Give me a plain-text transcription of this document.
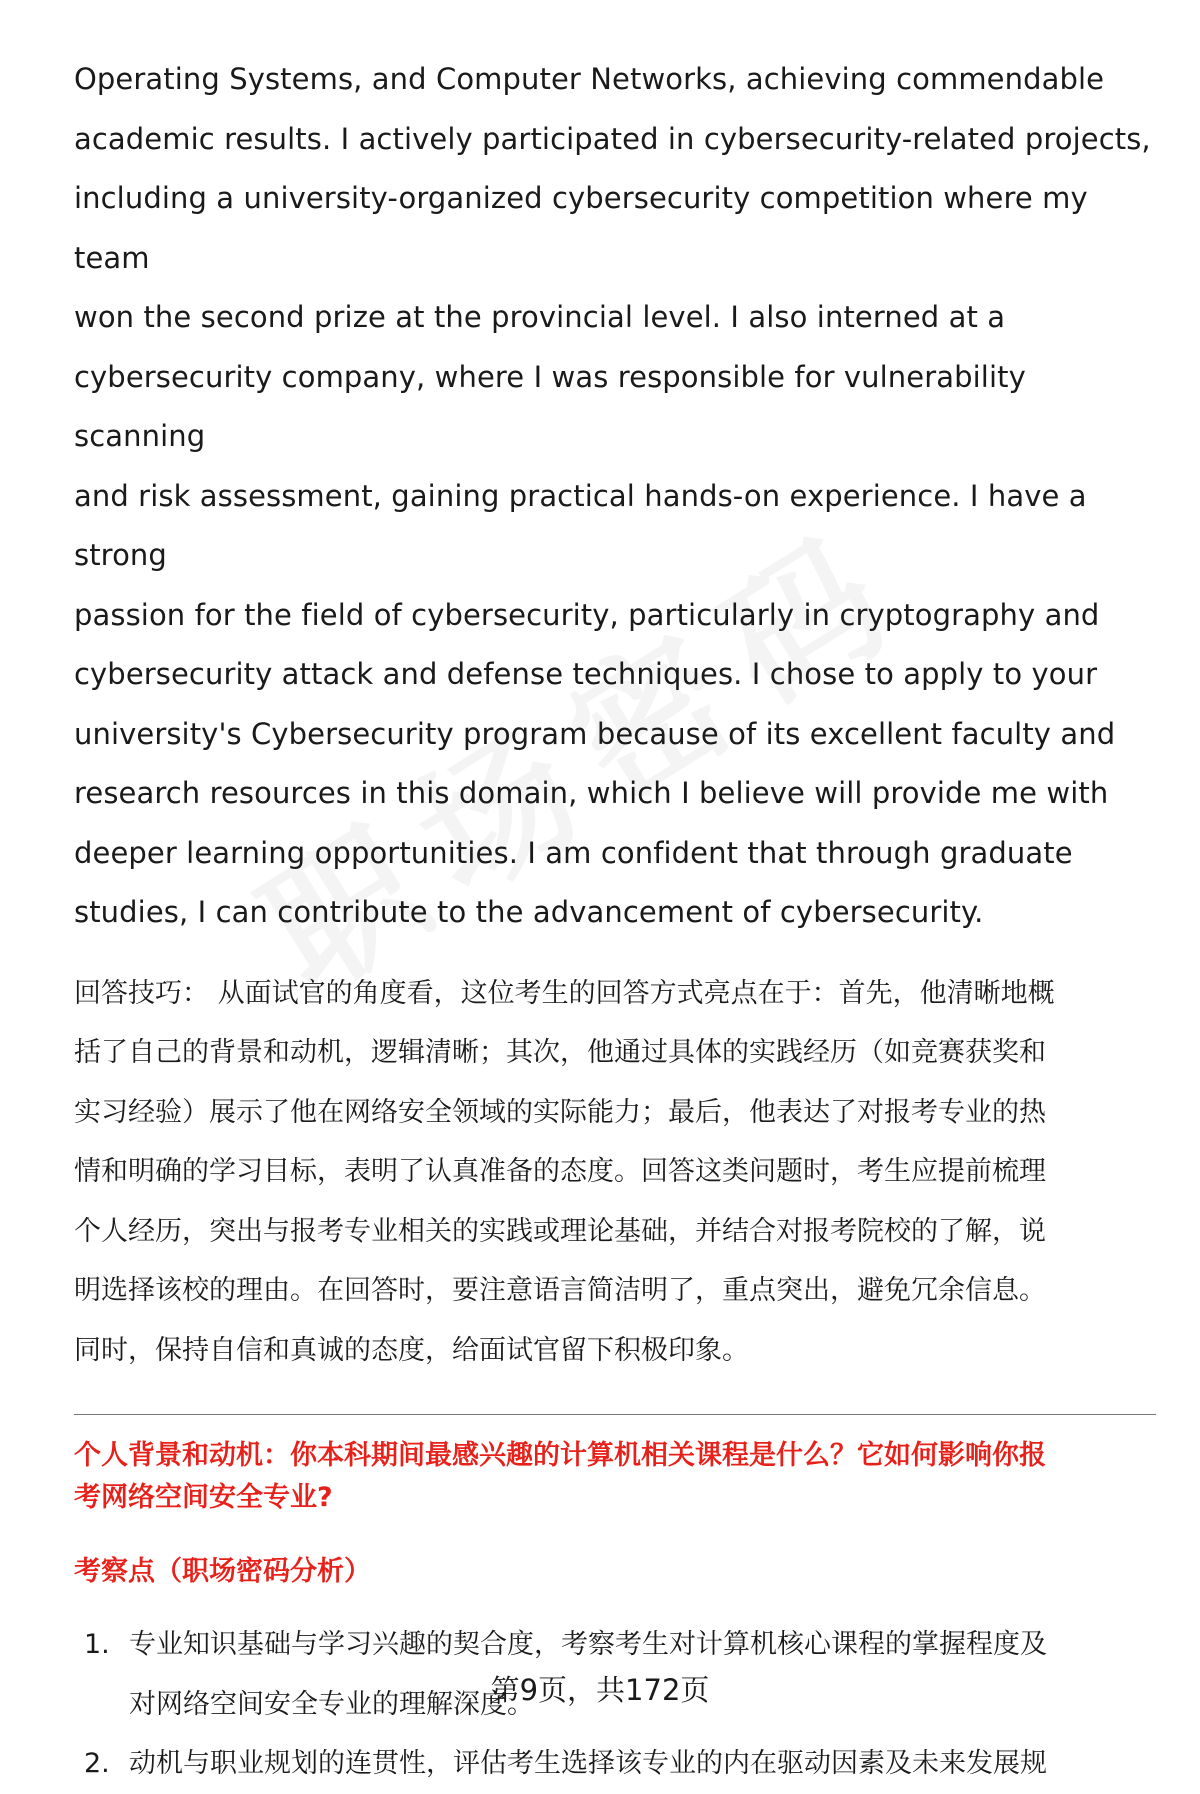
Operating Systems, and Computer Networks, achieving commendable
academic results. I actively participated in cybersecurity-related projects,
including a university-organized cybersecurity competition where my team
won the second prize at the provincial level. I also interned at a
cybersecurity company, where I was responsible for vulnerability scanning
and risk assessment, gaining practical hands-on experience. I have a strong
passion for the field of cybersecurity, particularly in cryptography and
cybersecurity attack and defense techniques. I chose to apply to your
university's Cybersecurity program because of its excellent faculty and
research resources in this domain, which I believe will provide me with
deeper learning opportunities. I am confident that through graduate
studies, I can contribute to the advancement of cybersecurity.
回答技巧： 从面试官的角度看，这位考生的回答方式亮点在于：首先，他清晰地概
括了自己的背景和动机，逻辑清晰；其次，他通过具体的实践经历（如竞赛获奖和
实习经验）展示了他在网络安全领域的实际能力；最后，他表达了对报考专业的热
情和明确的学习目标，表明了认真准备的态度。回答这类问题时，考生应提前梳理
个人经历，突出与报考专业相关的实践或理论基础，并结合对报考院校的了解，说
明选择该校的理由。在回答时，要注意语言简洁明了，重点突出，避免冗余信息。
同时，保持自信和真诚的态度，给面试官留下积极印象。
个人背景和动机：你本科期间最感兴趣的计算机相关课程是什么？它如何影响你报
考网络空间安全专业?
考察点（职场密码分析）
1. 专业知识基础与学习兴趣的契合度，考察考生对计算机核心课程的掌握程度及
对网络空间安全专业的理解深度。
2. 动机与职业规划的连贯性，评估考生选择该专业的内在驱动因素及未来发展规
第9页，共172页
